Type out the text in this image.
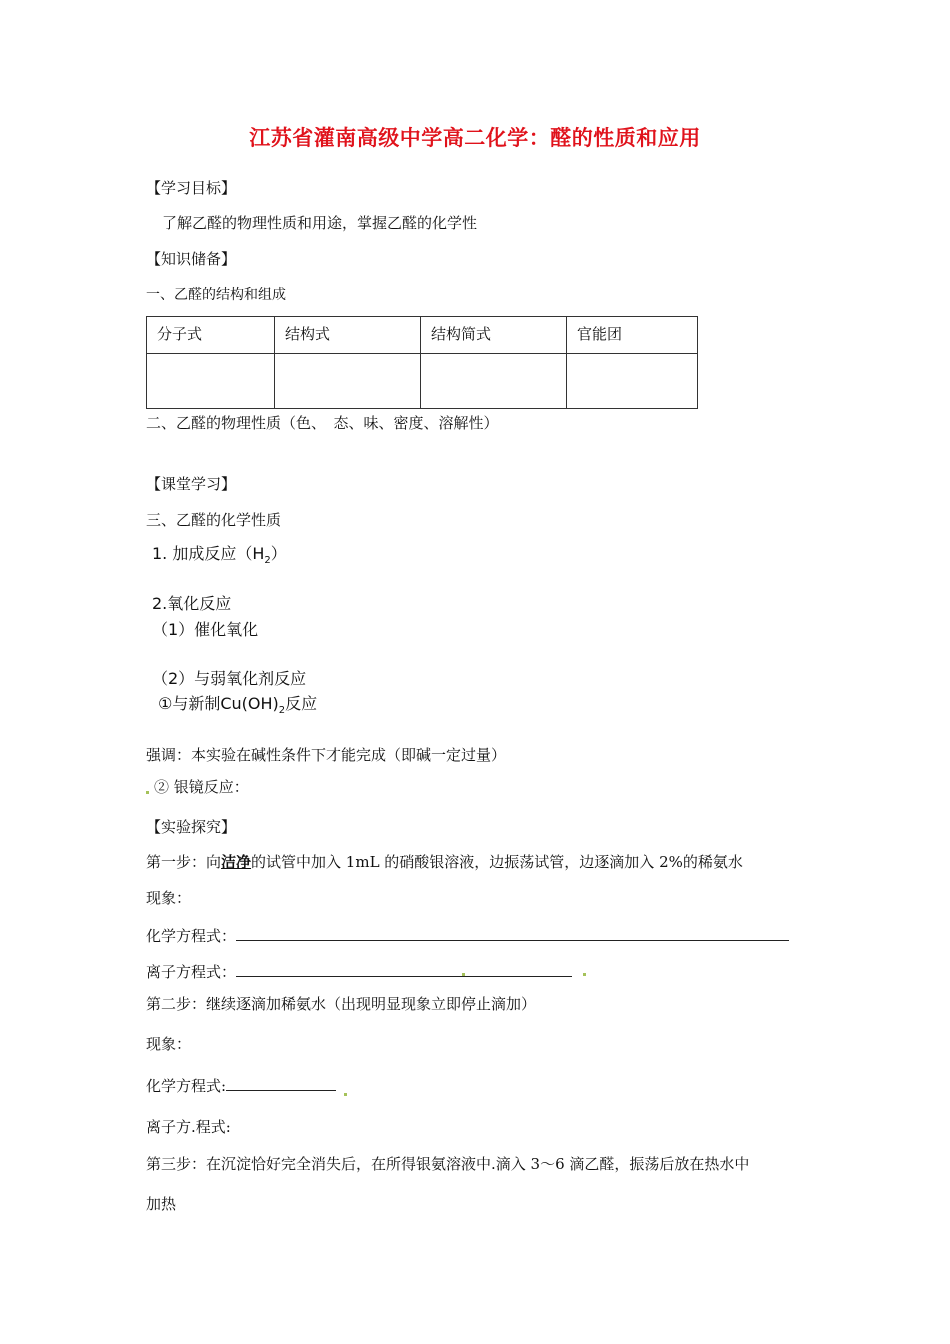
江苏省灌南高级中学高二化学：醛的性质和应用
【学习目标】
了解乙醛的物理性质和用途，掌握乙醛的化学性
【知识储备】
一、乙醛的结构和组成
分子式	结构式	结构简式	官能团

二、乙醛的物理性质（色、　态、味、密度、溶解性）
【课堂学习】
三、乙醛的化学性质
1. 加成反应$(H_2)$
2.氧化反应
（1）催化氧化
（2）与弱氧化剂反应
①与新制$Cu(OH)_2$反应
强调：本实验在碱性条件下才能完成（即碱一定过量）
② 银镜反应：
【实验探究】
第一步：向洁净的试管中加入 1mL 的硝酸银溶液，边振荡试管，边逐滴加入 2%的稀氨水
现象：
化学方程式：
离子方程式：
第二步：继续逐滴加稀氨水（出现明显现象立即停止滴加）
现象：
化学方程式:
离子方.程式:
第三步：在沉淀恰好完全消失后，在所得银氨溶液中.滴入 3～6 滴乙醛，振荡后放在热水中
加热
